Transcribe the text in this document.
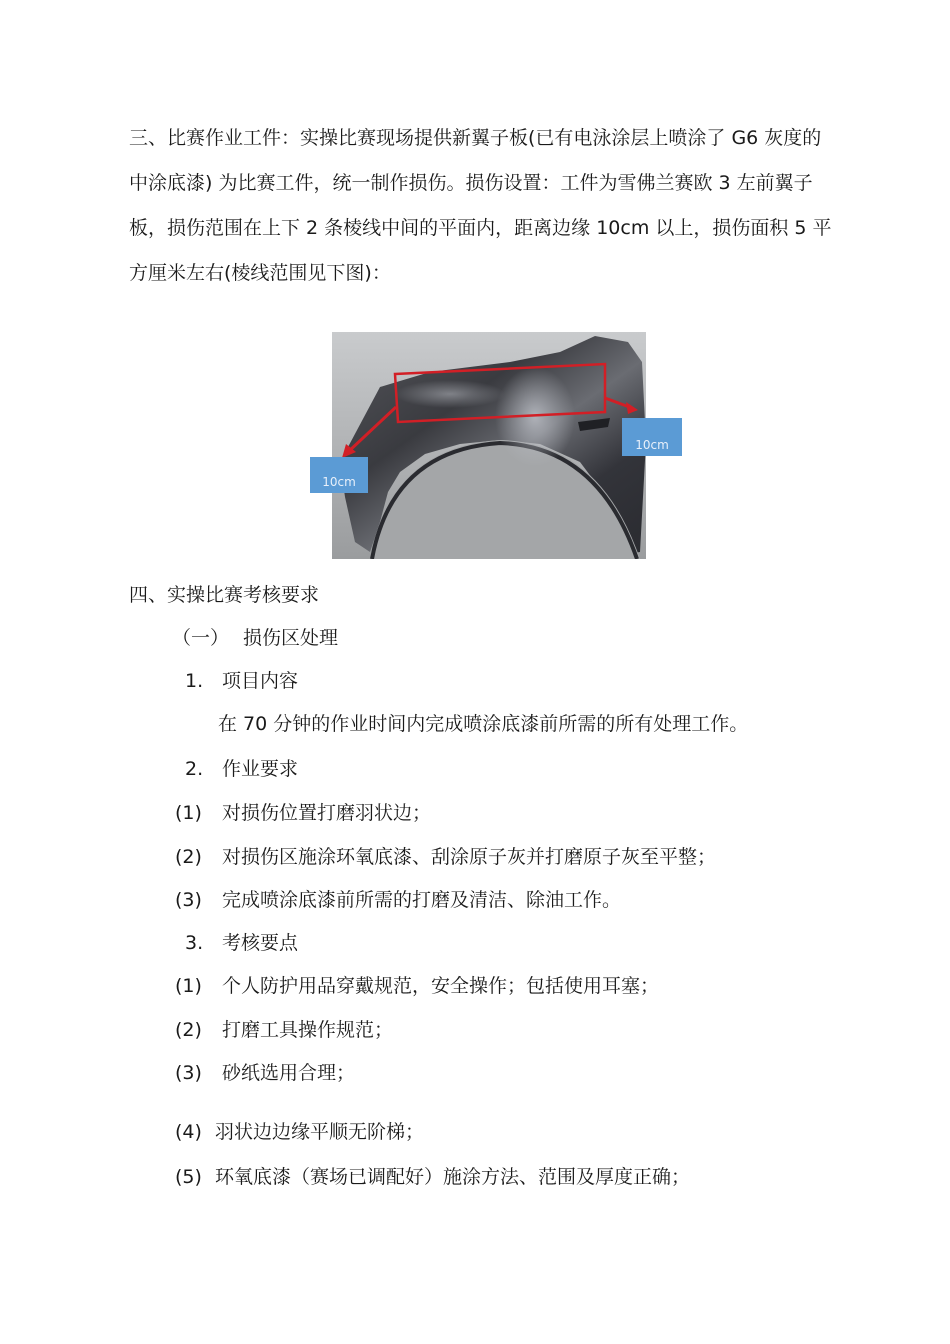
三、比赛作业工件：实操比赛现场提供新翼子板(已有电泳涂层上喷涂了 G6 灰度的
中涂底漆) 为比赛工件，统一制作损伤。损伤设置：工件为雪佛兰赛欧 3 左前翼子
板，损伤范围在上下 2 条棱线中间的平面内，距离边缘 10cm 以上，损伤面积 5 平
方厘米左右(棱线范围见下图)：
10cm
10cm
四、实操比赛考核要求
（一） 损伤区处理
1. 项目内容
在 70 分钟的作业时间内完成喷涂底漆前所需的所有处理工作。
2. 作业要求
(1) 对损伤位置打磨羽状边；
(2) 对损伤区施涂环氧底漆、刮涂原子灰并打磨原子灰至平整；
(3) 完成喷涂底漆前所需的打磨及清洁、除油工作。
3. 考核要点
(1) 个人防护用品穿戴规范，安全操作；包括使用耳塞；
(2) 打磨工具操作规范；
(3) 砂纸选用合理；
(4) 羽状边边缘平顺无阶梯；
(5) 环氧底漆（赛场已调配好）施涂方法、范围及厚度正确；
